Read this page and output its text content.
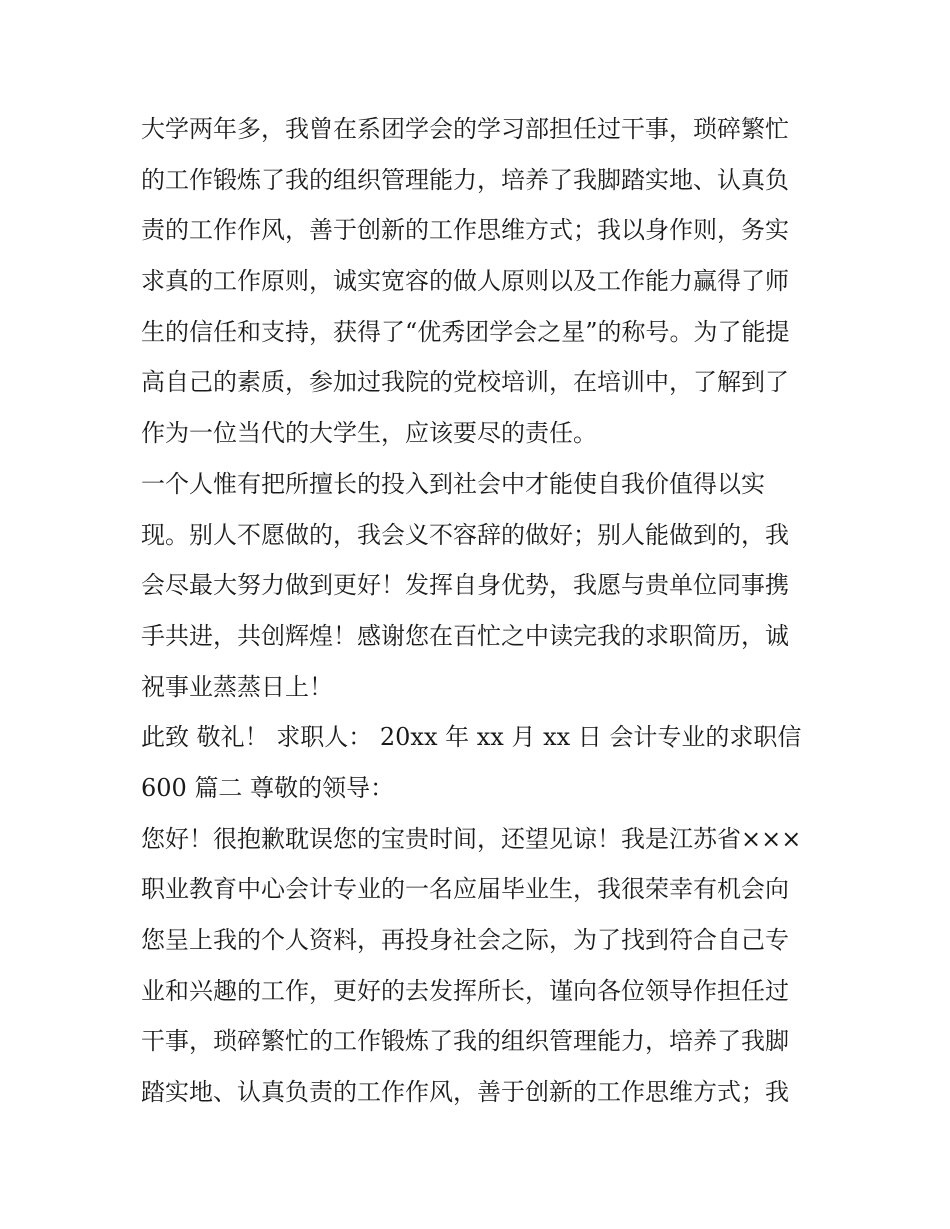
大学两年多，我曾在系团学会的学习部担任过干事，琐碎繁忙
的工作锻炼了我的组织管理能力，培养了我脚踏实地、认真负
责的工作作风，善于创新的工作思维方式；我以身作则，务实
求真的工作原则，诚实宽容的做人原则以及工作能力赢得了师
生的信任和支持，获得了“优秀团学会之星”的称号。为了能提
高自己的素质，参加过我院的党校培训，在培训中，了解到了
作为一位当代的大学生，应该要尽的责任。
一个人惟有把所擅长的投入到社会中才能使自我价值得以实
现。别人不愿做的，我会义不容辞的做好；别人能做到的，我
会尽最大努力做到更好！发挥自身优势，我愿与贵单位同事携
手共进，共创辉煌！感谢您在百忙之中读完我的求职简历，诚
祝事业蒸蒸日上！
此致 敬礼！ 求职人： 20xx 年 xx 月 xx 日 会计专业的求职信
600 篇二 尊敬的领导：
您好！很抱歉耽误您的宝贵时间，还望见谅！我是江苏省×××
职业教育中心会计专业的一名应届毕业生，我很荣幸有机会向
您呈上我的个人资料，再投身社会之际，为了找到符合自己专
业和兴趣的工作，更好的去发挥所长，谨向各位领导作担任过
干事，琐碎繁忙的工作锻炼了我的组织管理能力，培养了我脚
踏实地、认真负责的工作作风，善于创新的工作思维方式；我
